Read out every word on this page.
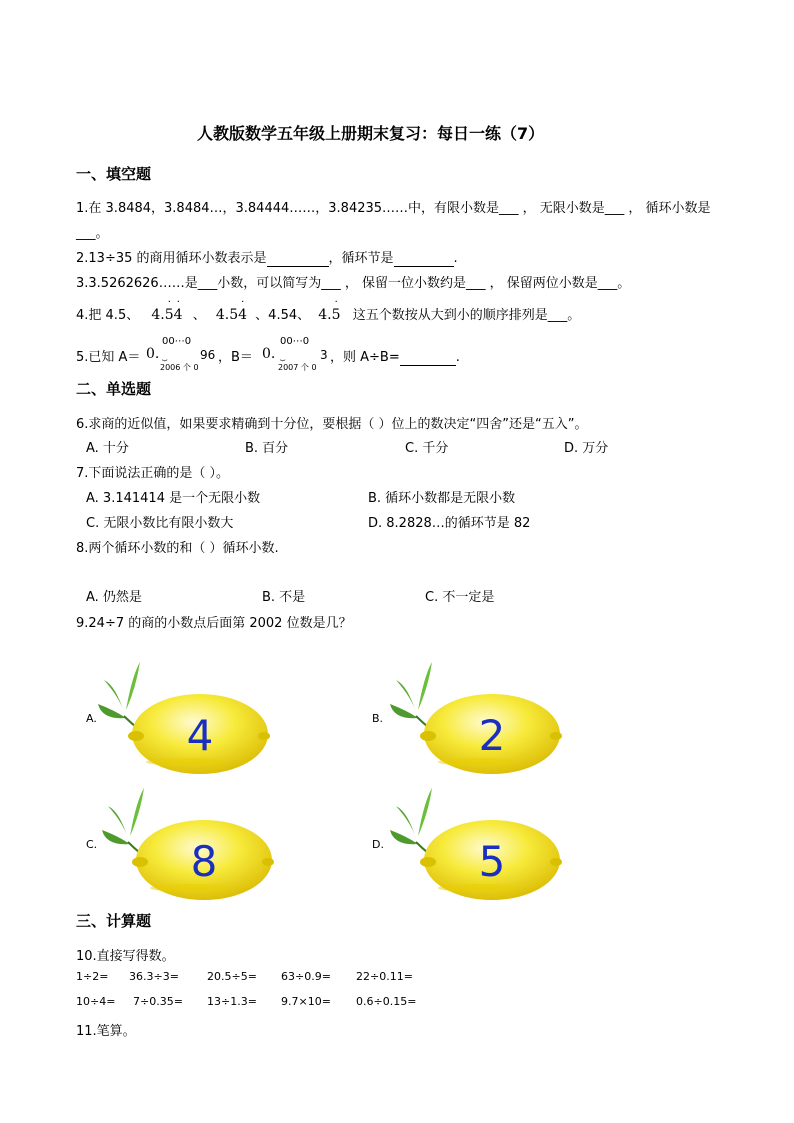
人教版数学五年级上册期末复习：每日一练（7）
一、填空题
1.在 3.8484，3.8484…，3.84444……，3.84235……中，有限小数是___ ， 无限小数是___ ， 循环小数是
___。
2.13÷35 的商用循环小数表示是	，循环节是	.
3.3.5262626……是___小数，可以简写为___ ， 保留一位小数约是___ ， 保留两位小数是___。
4.把 4.5、 4.
· ·
54 、 4.5
·
4 、4.54、 4.
·
5 这五个数按从大到小的顺序排列是___。
5.已知 A＝ 0.
00⋯0
⏟
2006 个 0
96 ，B＝ 0.
00⋯0
⏟
2007 个 0
3 ，则 A÷B=	.
二、单选题
6.求商的近似值，如果要求精确到十分位，要根据（ ）位上的数决定“四舍”还是“五入”。
A. 十分	B. 百分	C. 千分	D. 万分
7.下面说法正确的是（ ）。
A. 3.141414 是一个无限小数	B. 循环小数都是无限小数
C. 无限小数比有限小数大	D. 8.2828…的循环节是 82
8.两个循环小数的和（ ）循环小数.
A. 仍然是	B. 不是	C. 不一定是
9.24÷7 的商的小数点后面第 2002 位数是几？
A. 4	B. 2
C. 8	D. 5
三、计算题
10.直接写得数。
1÷2= 36.3÷3=	20.5÷5= 63÷0.9= 22÷0.11=
10÷4= 7÷0.35= 13÷1.3= 9.7×10= 0.6÷0.15=
11.笔算。
